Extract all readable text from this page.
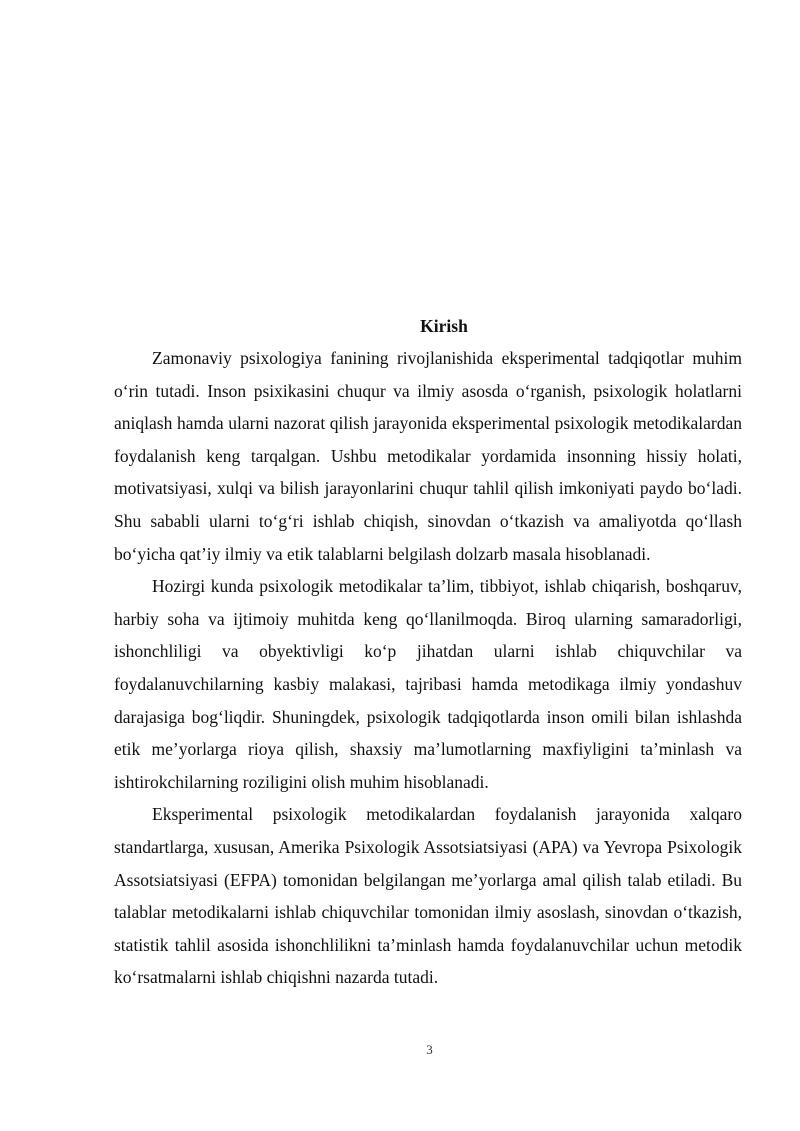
Kirish

Zamonaviy psixologiya fanining rivojlanishida eksperimental tadqiqotlar muhim o‘rin tutadi. Inson psixikasini chuqur va ilmiy asosda o‘rganish, psixologik holatlarni aniqlash hamda ularni nazorat qilish jarayonida eksperimental psixologik metodikalardan foydalanish keng tarqalgan. Ushbu metodikalar yordamida insonning hissiy holati, motivatsiyasi, xulqi va bilish jarayonlarini chuqur tahlil qilish imkoniyati paydo bo‘ladi. Shu sababli ularni to‘g‘ri ishlab chiqish, sinovdan o‘tkazish va amaliyotda qo‘llash bo‘yicha qat’iy ilmiy va etik talablarni belgilash dolzarb masala hisoblanadi.

Hozirgi kunda psixologik metodikalar ta’lim, tibbiyot, ishlab chiqarish, boshqaruv, harbiy soha va ijtimoiy muhitda keng qo‘llanilmoqda. Biroq ularning samaradorligi, ishonchliligi va obyektivligi ko‘p jihatdan ularni ishlab chiquvchilar va foydalanuvchilarning kasbiy malakasi, tajribasi hamda metodikaga ilmiy yondashuv darajasiga bog‘liqdir. Shuningdek, psixologik tadqiqotlarda inson omili bilan ishlashda etik me’yorlarga rioya qilish, shaxsiy ma’lumotlarning maxfiyligini ta’minlash va ishtirokchilarning roziligini olish muhim hisoblanadi.

Eksperimental psixologik metodikalardan foydalanish jarayonida xalqaro standartlarga, xususan, Amerika Psixologik Assotsiatsiyasi (APA) va Yevropa Psixologik Assotsiatsiyasi (EFPA) tomonidan belgilangan me’yorlarga amal qilish talab etiladi. Bu talablar metodikalarni ishlab chiquvchilar tomonidan ilmiy asoslash, sinovdan o‘tkazish, statistik tahlil asosida ishonchlilikni ta’minlash hamda foydalanuvchilar uchun metodik ko‘rsatmalarni ishlab chiqishni nazarda tutadi.

3
